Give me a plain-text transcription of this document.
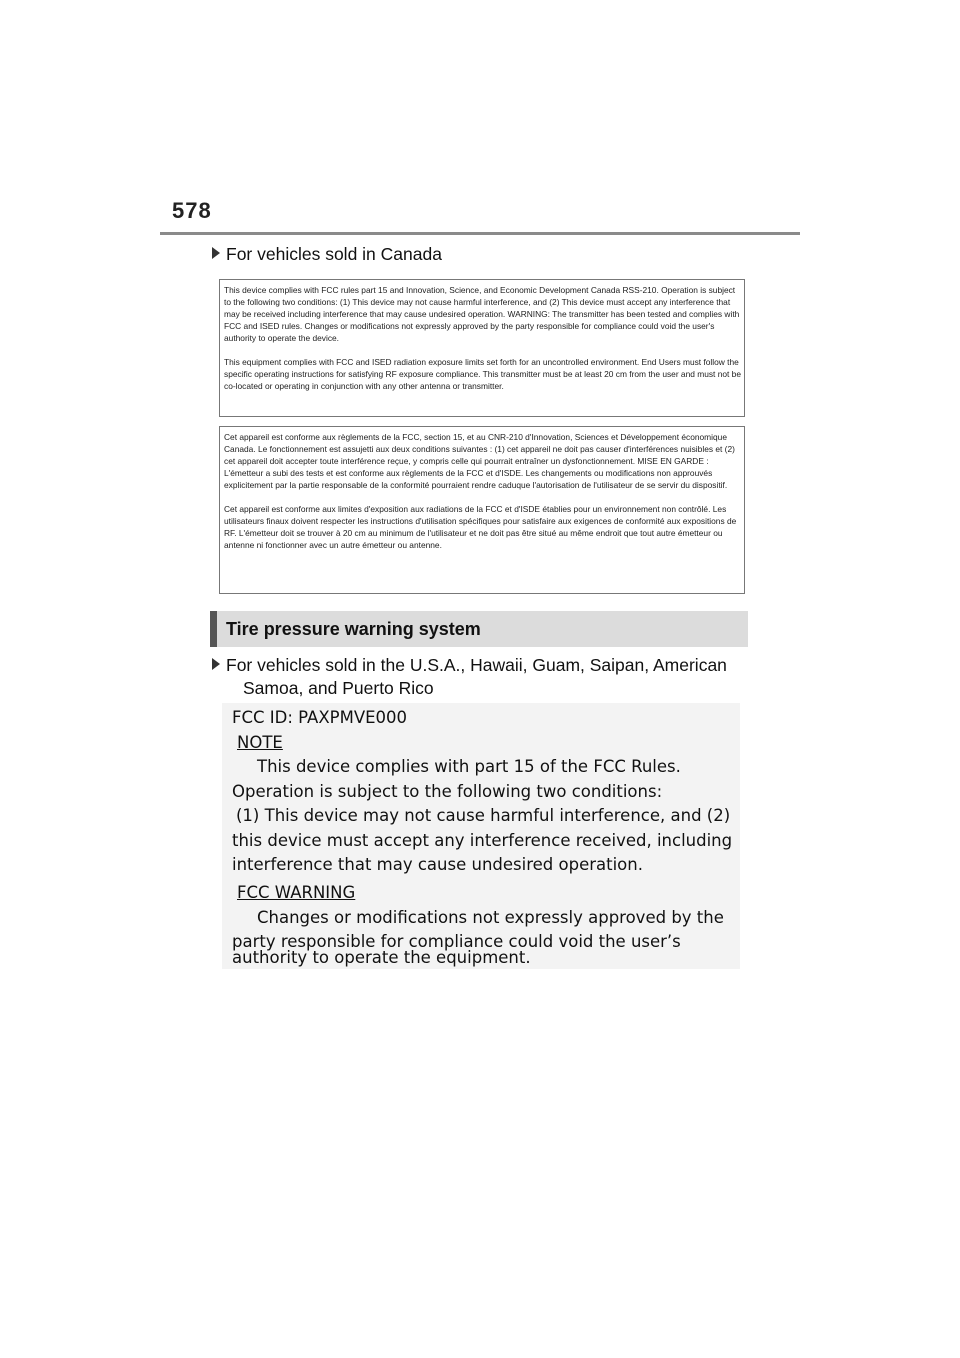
578
For vehicles sold in Canada

This device complies with FCC rules part 15 and Innovation, Science, and Economic Development Canada RSS-210. Operation is subject to the following two conditions: (1) This device may not cause harmful interference, and (2) This device must accept any interference that may be received including interference that may cause undesired operation. WARNING: The transmitter has been tested and complies with FCC and ISED rules. Changes or modifications not expressly approved by the party responsible for compliance could void the user's authority to operate the device.

This equipment complies with FCC and ISED radiation exposure limits set forth for an uncontrolled environment. End Users must follow the specific operating instructions for satisfying RF exposure compliance. This transmitter must be at least 20 cm from the user and must not be co-located or operating in conjunction with any other antenna or transmitter.

Cet appareil est conforme aux règlements de la FCC, section 15, et au CNR-210 d'Innovation, Sciences et Développement économique Canada. Le fonctionnement est assujetti aux deux conditions suivantes : (1) cet appareil ne doit pas causer d'interférences nuisibles et (2) cet appareil doit accepter toute interférence reçue, y compris celle qui pourrait entraîner un dysfonctionnement. MISE EN GARDE : L'émetteur a subi des tests et est conforme aux règlements de la FCC et d'ISDE. Les changements ou modifications non approuvés explicitement par la partie responsable de la conformité pourraient rendre caduque l'autorisation de l'utilisateur de se servir du dispositif.

Cet appareil est conforme aux limites d'exposition aux radiations de la FCC et d'ISDE établies pour un environnement non contrôlé. Les utilisateurs finaux doivent respecter les instructions d'utilisation spécifiques pour satisfaire aux exigences de conformité aux expositions de RF. L'émetteur doit se trouver à 20 cm au minimum de l'utilisateur et ne doit pas être situé au même endroit que tout autre émetteur ou antenne ni fonctionner avec un autre émetteur ou antenne.

Tire pressure warning system
For vehicles sold in the U.S.A., Hawaii, Guam, Saipan, American
Samoa, and Puerto Rico
FCC ID: PAXPMVE000
NOTE
This device complies with part 15 of the FCC Rules.
Operation is subject to the following two conditions:
(1) This device may not cause harmful interference, and (2)
this device must accept any interference received, including
interference that may cause undesired operation.
FCC WARNING
Changes or modifications not expressly approved by the
party responsible for compliance could void the user’s
authority to operate the equipment.
